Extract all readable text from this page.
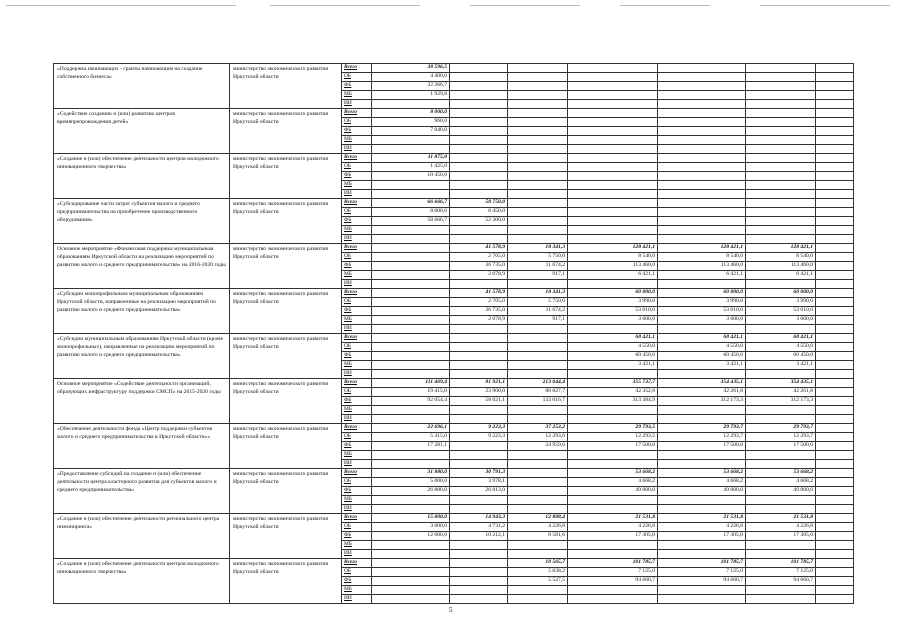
«Поддержка начинающих - гранты начинающим на создание собственного бизнеса»	министерство экономического развития Иркутской области	Всего	38 596,5						
		ОБ	4 400,0						
		ФБ	32 266,7						
		МБ	1 929,8						
		ИИ							
«Содействие созданию и (или) развитию центров времяпрепровождения детей»	министерство экономического развития Иркутской области	Всего	8 000,0						
		ОБ	960,0						
		ФБ	7 040,0						
		МБ							
		ИИ							
«Создание и (или) обеспечение деятельности центров молодежного инновационного творчества»	министерство экономического развития Иркутской области	Всего	11 875,0						
		ОБ	1 425,0						
		ФБ	10 450,0						
		МБ							
		ИИ							
«Субсидирование части затрат субъектов малого и среднего предпринимательства на приобретение производственного оборудования»	министерство экономического развития Иркутской области	Всего	66 666,7	58 750,0					
		ОБ	8 000,0	6 450,0					
		ФБ	58 666,7	52 300,0					
		МБ							
		ИИ							
Основное мероприятие «Финансовая поддержка муниципальным образованиям Иркутской области на реализацию мероприятий по развитию малого и среднего предпринимательства» на 2016-2020 годы	министерство экономического развития Иркутской области	Всего		41 578,9	18 341,3	128 421,1	128 421,1	128 421,1	
		ОБ		2 765,0	5 750,0	8 540,0	8 540,0	8 540,0	
		ФБ		36 735,0	11 674,2	113 460,0	113 460,0	113 460,0	
		МБ		2 078,9	917,1	6 421,1	6 421,1	6 421,1	
		ИИ							
«Субсидии монопрофильным муниципальным образованиям Иркутской области, направленные на реализацию мероприятий по развитию малого и среднего предпринимательства»	министерство экономического развития Иркутской области	Всего		41 578,9	18 341,3	60 000,0	60 000,0	60 000,0	
		ОБ		2 765,0	5 750,0	3 990,0	3 990,0	3 990,0	
		ФБ		36 735,0	11 674,2	53 010,0	53 010,0	53 010,0	
		МБ		2 078,9	917,1	3 000,0	3 000,0	3 000,0	
		ИИ							
«Субсидии муниципальным образованиям Иркутской области (кроме монопрофильных), направленные на реализацию мероприятий по развитию малого и среднего предпринимательства»	министерство экономического развития Иркутской области	Всего				68 421,1	68 421,1	68 421,1	
		ОБ				4 550,0	4 550,0	4 550,0	
		ФБ				60 450,0	60 450,0	60 450,0	
		МБ				3 421,1	3 421,1	3 421,1	
		ИИ							
Основное мероприятие «Содействие деятельности организаций, образующих инфраструктуру поддержки СМСП» на 2015-2020 годы	министерство экономического развития Иркутской области	Всего	111 469,4	81 921,1	213 044,4	355 737,7	354 435,1	354 435,1	
		ОБ	19 415,0	23 900,0	80 027,7	42 352,8	42 261,8	42 261,8	
		ФБ	92 054,4	58 021,1	133 016,7	313 384,9	312 173,3	312 173,3	
		МБ							
		ИИ							
«Обеспечение деятельности фонда «Центр поддержки субъектов малого и среднего предпринимательства в Иркутской области»»	министерство экономического развития Иркутской области	Всего	22 696,1	9 223,3	37 253,2	29 793,5	29 793,7	29 793,7	
		ОБ	5 415,0	9 223,3	12 293,6	12 293,5	12 293,7	12 293,7	
		ФБ	17 281,1		24 959,6	17 500,0	17 500,0	17 500,0	
		МБ							
		ИИ							
«Предоставление субсидий на создание и (или) обеспечение деятельности центра кластерного развития для субъектов малого и среднего предпринимательства»	министерство экономического развития Иркутской области	Всего	31 880,0	30 791,3		53 668,2	53 668,2	53 668,2	
		ОБ	5 000,0	3 978,1		4 668,2	4 668,2	4 668,2	
		ФБ	26 880,0	26 813,0		49 000,0	49 000,0	49 000,0	
		МБ							
		ИИ							
«Создание и (или) обеспечение деятельности регионального центра инжиниринга»	министерство экономического развития Иркутской области	Всего	15 000,0	14 943,3	12 808,4	21 531,8	21 531,8	21 531,8	
		ОБ	3 000,0	4 731,2	4 226,8	4 226,8	4 226,8	4 226,8	
		ФБ	12 000,0	10 212,1	8 581,6	17 305,0	17 305,0	17 305,0	
		МБ							
		ИИ							
«Создание и (или) обеспечение деятельности центров молодежного инновационного творчества»	министерство экономического развития Иркутской области	Всего			10 565,7	101 785,7	101 785,7	101 785,7	
		ОБ			5 038,2	7 125,0	7 125,0	7 125,0	
		ФБ			5 527,5	94 660,7	94 660,7	94 660,7	
		МБ							
		ИИ							
5
